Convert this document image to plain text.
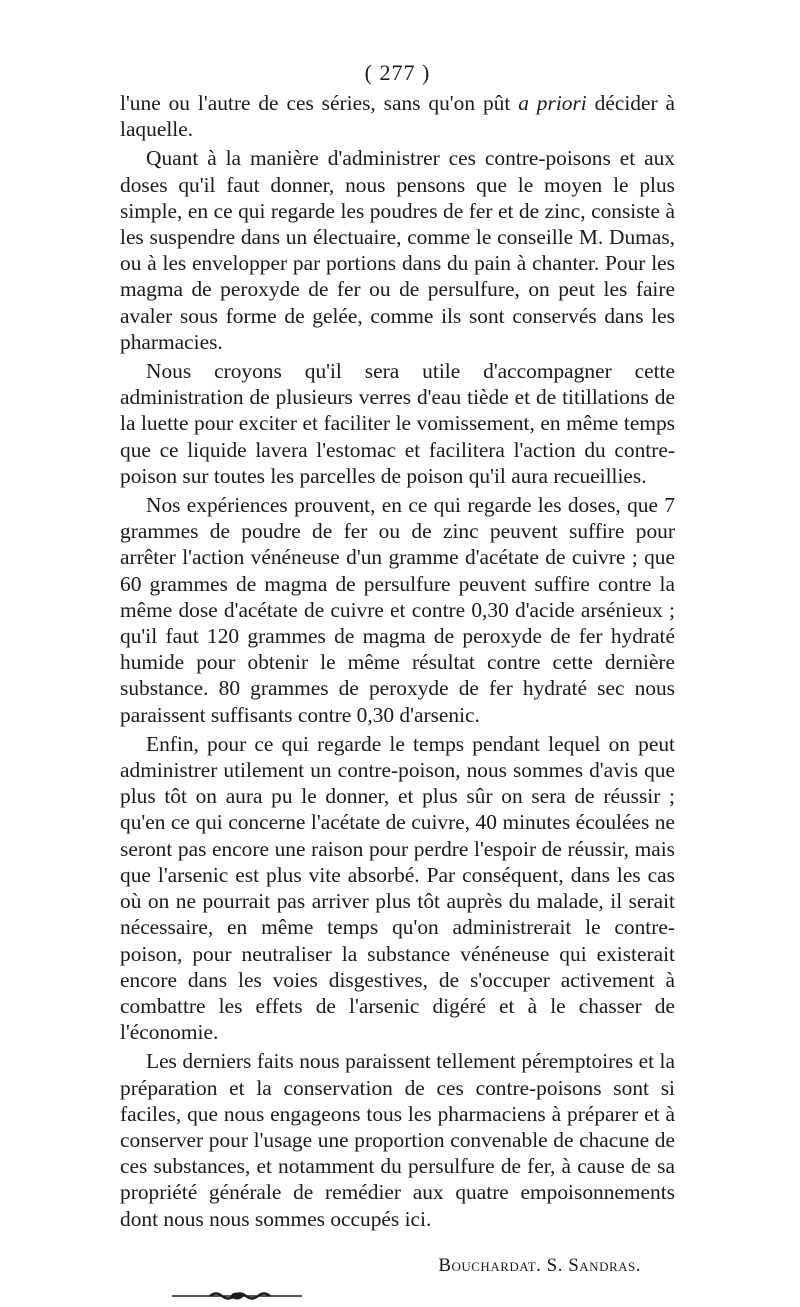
( 277 )

l'une ou l'autre de ces séries, sans qu'on pût a priori décider à laquelle.

Quant à la manière d'administrer ces contre-poisons et aux doses qu'il faut donner, nous pensons que le moyen le plus simple, en ce qui regarde les poudres de fer et de zinc, consiste à les suspendre dans un électuaire, comme le conseille M. Dumas, ou à les envelopper par portions dans du pain à chanter. Pour les magma de peroxyde de fer ou de persulfure, on peut les faire avaler sous forme de gelée, comme ils sont conservés dans les pharmacies.

Nous croyons qu'il sera utile d'accompagner cette administration de plusieurs verres d'eau tiède et de titillations de la luette pour exciter et faciliter le vomissement, en même temps que ce liquide lavera l'estomac et facilitera l'action du contre-poison sur toutes les parcelles de poison qu'il aura recueillies.

Nos expériences prouvent, en ce qui regarde les doses, que 7 grammes de poudre de fer ou de zinc peuvent suffire pour arrêter l'action vénéneuse d'un gramme d'acétate de cuivre ; que 60 grammes de magma de persulfure peuvent suffire contre la même dose d'acétate de cuivre et contre 0,30 d'acide arsénieux ; qu'il faut 120 grammes de magma de peroxyde de fer hydraté humide pour obtenir le même résultat contre cette dernière substance. 80 grammes de peroxyde de fer hydraté sec nous paraissent suffisants contre 0,30 d'arsenic.

Enfin, pour ce qui regarde le temps pendant lequel on peut administrer utilement un contre-poison, nous sommes d'avis que plus tôt on aura pu le donner, et plus sûr on sera de réussir ; qu'en ce qui concerne l'acétate de cuivre, 40 minutes écoulées ne seront pas encore une raison pour perdre l'espoir de réussir, mais que l'arsenic est plus vite absorbé. Par conséquent, dans les cas où on ne pourrait pas arriver plus tôt auprès du malade, il serait nécessaire, en même temps qu'on administrerait le contre-poison, pour neutraliser la substance vénéneuse qui existerait encore dans les voies disgestives, de s'occuper activement à combattre les effets de l'arsenic digéré et à le chasser de l'économie.

Les derniers faits nous paraissent tellement péremptoires et la préparation et la conservation de ces contre-poisons sont si faciles, que nous engageons tous les pharmaciens à préparer et à conserver pour l'usage une proportion convenable de chacune de ces substances, et notamment du persulfure de fer, à cause de sa propriété générale de remédier aux quatre empoisonnements dont nous nous sommes occupés ici.

Bouchardat. S. Sandras.
